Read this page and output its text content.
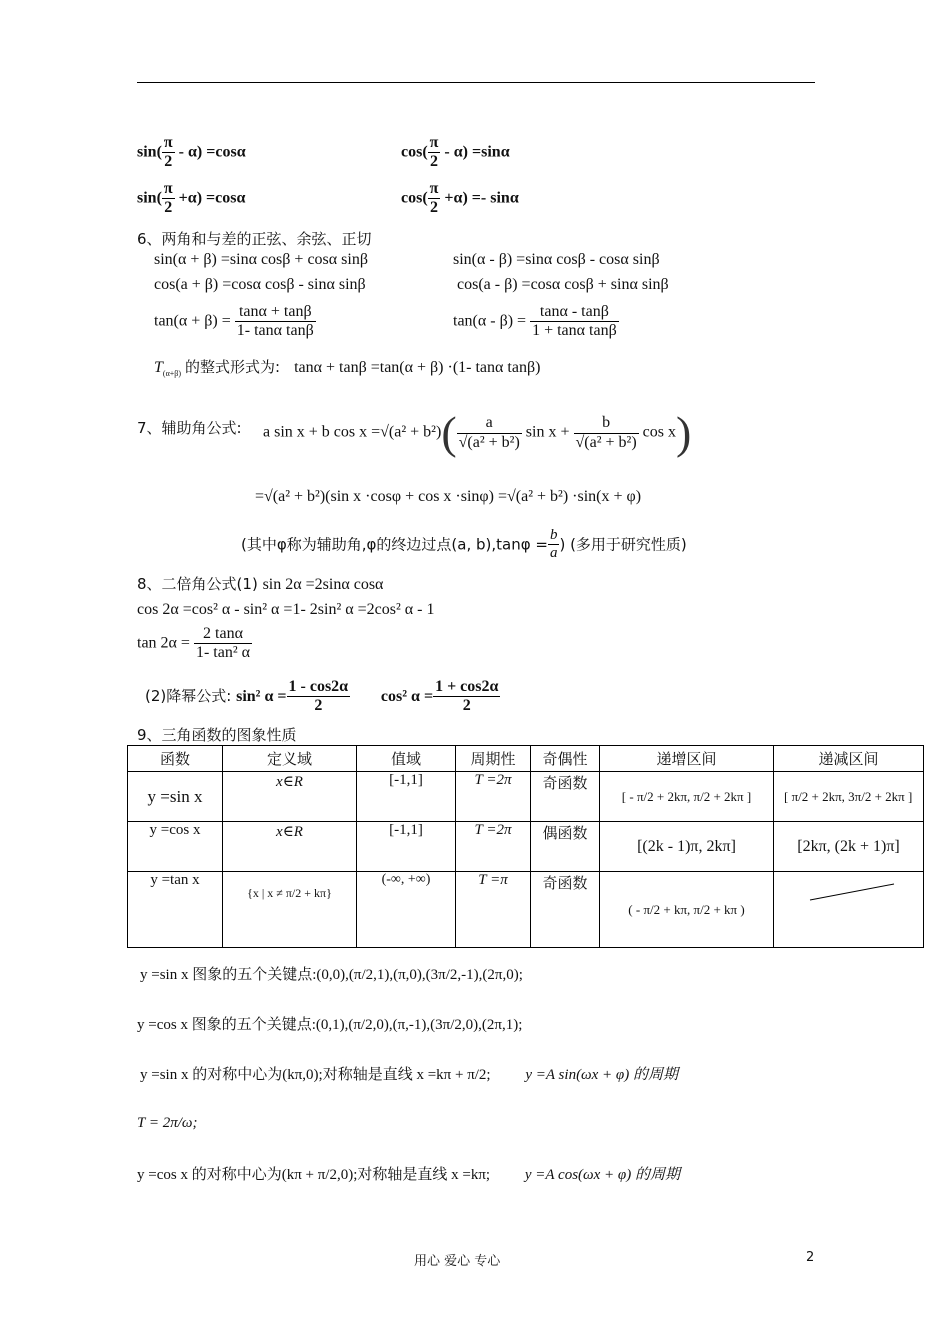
$\sin( \frac{\pi}{2} - \alpha) =\cos\alpha$	$\cos( \frac{\pi}{2} - \alpha) =\sin\alpha$
$\sin( \frac{\pi}{2} +\alpha) =\cos\alpha$	$\cos( \frac{\pi}{2} +\alpha) =- \sin\alpha$
6、两角和与差的正弦、余弦、正切
sin(α + β) =sinα cosβ + cosα sinβ	sin(α - β) =sinα cosβ - cosα sinβ
cos(a + β) =cosα cosβ - sinα sinβ	cos(a - β) =cosα cosβ + sinα sinβ
$\tan(\alpha + \beta) = \frac{\tan\alpha + \tan\beta}{\text{1- tanα tanβ}}$	$\tan(\alpha - \beta) = \frac{\tan\alpha - \tan\beta}{\text{1 + tanα tanβ}}$
$T_{(\alpha+\beta)}$ 的整式形式为: tanα + tanβ =tan(α + β) ·(1- tanα tanβ)
7、辅助角公式: a sin x + b $\cos x =√(a^2 + b^2)( \frac{a}{\text{√(a² + b²)}}$ $\sin x + \frac{b}{\text{√(a² + b²)}}$ cos x)
=√(a² + b²)(sin x ·cosφ + cos x ·sinφ) =√(a² + b²) ·sin(x + φ)
(其中φ称为辅助角,φ的终边过点(a, $b),\tan\varphi = \frac{b}{a}$ ) (多用于研究性质)
8、二倍角公式(1) sin 2α =2sinα cosα
cos 2α =cos² α - sin² α =1- 2sin² α =2cos² α - 1
$\tan 2\alpha = \frac{2 \tan\alpha}{\text{1- tan² α}}$
(2)降幂公式: sin² $\alpha = \frac{1 - \cos 2\alpha}{2} \cos^2$ $\alpha = \frac{1 + \cos 2\alpha}{2}$
9、三角函数的图象性质
函数	定义域	值域	周期性	奇偶性	递增区间	递减区间
y =sin x	x∈R	[-1,1]	T =2π	奇函数	[ - π/2 + 2kπ, π/2 + 2kπ ]	[ π/2 + 2kπ, 3π/2 + 2kπ ]
y =cos x	x∈R	[-1,1]	T =2π	偶函数	[(2k - 1)π, 2kπ]	[2kπ, (2k + 1)π]
y =tan x	{x | x ≠ π/2 + kπ}	(-∞, +∞)	T =π	奇函数	( - π/2 + kπ, π/2 + kπ )	
y =sin x 图象的五个关键点:(0,0),(π/2,1),(π,0),(3π/2,-1),(2π,0);
y =cos x 图象的五个关键点:(0,1),(π/2,0),(π,-1),(3π/2,0),(2π,1);
y =sin x 的对称中心为(kπ,0);对称轴是直线 x =kπ + π/2; y =A sin(ωx + φ) 的周期
T = 2π/ω;
y =cos x 的对称中心为(kπ + π/2,0);对称轴是直线 x =kπ; y =A cos(ωx + φ) 的周期
用心 爱心 专心	2
